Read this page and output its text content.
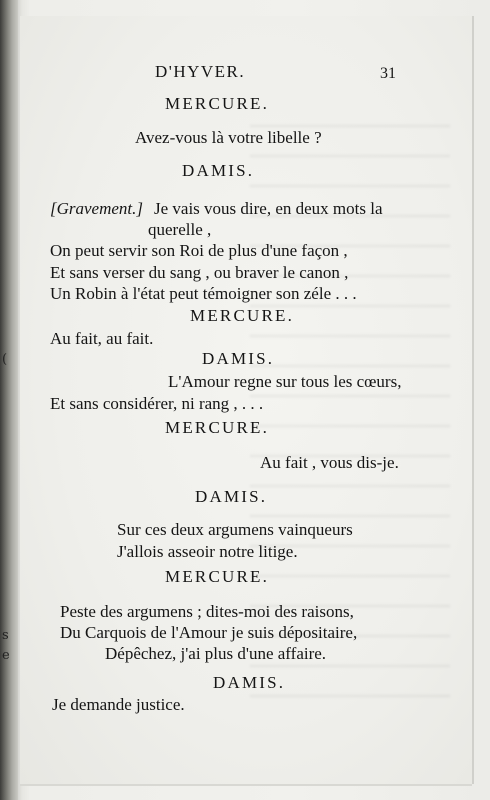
(
s
e
D'HYVER.	31
MERCURE.
Avez-vous là votre libelle ?
DAMIS.
[Gravement.] Je vais vous dire, en deux mots la
querelle ,
On peut servir son Roi de plus d'une façon ,
Et sans verser du sang , ou braver le canon ,
Un Robin à l'état peut témoigner son zéle . . .
MERCURE.
Au fait, au fait.
DAMIS.
L'Amour regne sur tous les cœurs,
Et sans considérer, ni rang , . . .
MERCURE.
Au fait , vous dis-je.
DAMIS.
Sur ces deux argumens vainqueurs
J'allois asseoir notre litige.
MERCURE.
Peste des argumens ; dites-moi des raisons,
Du Carquois de l'Amour je suis dépositaire,
Dépêchez, j'ai plus d'une affaire.
DAMIS.
Je demande justice.
